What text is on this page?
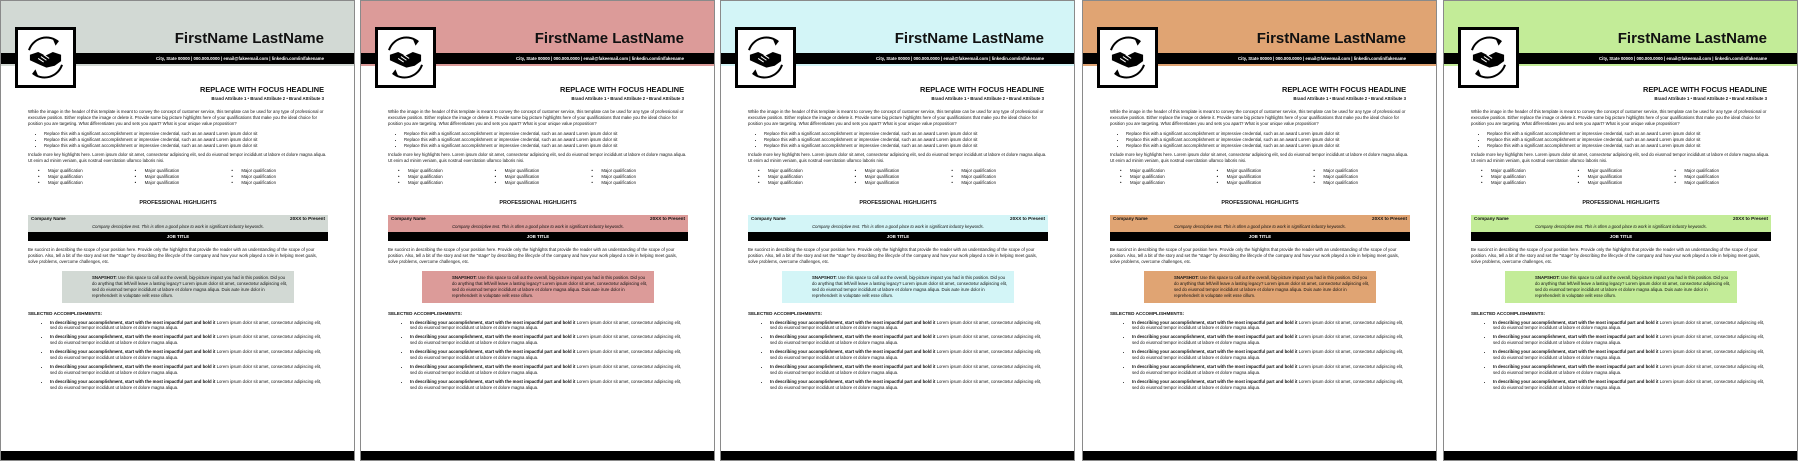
FirstName LastName
City, State 00000 | 000.000.0000 | email@fakeemail.com | linkedin.com/in/fakename
REPLACE WITH FOCUS HEADLINE
Brand Attribute 1 • Brand Attribute 2 • Brand Attribute 3

While the image in the header of this template is meant to convey the concept of customer service, this template can be used for any type of professional or executive position. Either replace the image or delete it. Provide some big picture highlights here of your qualifications that make you the ideal choice for position you are targeting. What differentiates you and sets you apart? What is your unique value proposition?

• Replace this with a significant accomplishment or impressive credential, such as an award Lorem ipsum dolor sit
• Replace this with a significant accomplishment or impressive credential, such as an award Lorem ipsum dolor sit
• Replace this with a significant accomplishment or impressive credential, such as an award Lorem ipsum dolor sit

Include more key highlights here. Lorem ipsum dolor sit amet, consectetur adipiscing elit, sed do eiusmod tempor incididunt ut labore et dolore magna aliqua. Ut enim ad minim veniam, quis nostrud exercitation ullamco laboris nisi.

• Major qualification	• Major qualification	• Major qualification
• Major qualification	• Major qualification	• Major qualification
• Major qualification	• Major qualification	• Major qualification
PROFESSIONAL HIGHLIGHTS
Company Name	20XX to Present
Company descriptive text. This is often a good place to work in significant industry keywords.
JOB TITLE

Be succinct in describing the scope of your position here. Provide only the highlights that provide the reader with an understanding of the scope of your position. Also, tell a bit of the story and set the "stage" by describing the lifecycle of the company and how your work played a role in helping meet goals, solve problems, overcome challenges, etc.

SNAPSHOT: Use this space to call out the overall, big-picture impact you had in this position. Did you do anything that left/will leave a lasting legacy? Lorem ipsum dolor sit amet, consectetur adipiscing elit, sed do eiusmod tempor incididunt ut labore et dolore magna aliqua. Duis aute irure dolor in reprehenderit in voluptate velit esse cillum.
SELECTED ACCOMPLISHMENTS:
• In describing your accomplishment, start with the most impactful part and bold it Lorem ipsum dolor sit amet, consectetur adipiscing elit, sed do eiusmod tempor incididunt ut labore et dolore magna aliqua.
• In describing your accomplishment, start with the most impactful part and bold it Lorem ipsum dolor sit amet, consectetur adipiscing elit, sed do eiusmod tempor incididunt ut labore et dolore magna aliqua.
• In describing your accomplishment, start with the most impactful part and bold it Lorem ipsum dolor sit amet, consectetur adipiscing elit, sed do eiusmod tempor incididunt ut labore et dolore magna aliqua.
• In describing your accomplishment, start with the most impactful part and bold it Lorem ipsum dolor sit amet, consectetur adipiscing elit, sed do eiusmod tempor incididunt ut labore et dolore magna aliqua.
• In describing your accomplishment, start with the most impactful part and bold it Lorem ipsum dolor sit amet, consectetur adipiscing elit, sed do eiusmod tempor incididunt ut labore et dolore magna aliqua.
FirstName LastName
City, State 00000 | 000.000.0000 | email@fakeemail.com | linkedin.com/in/fakename
REPLACE WITH FOCUS HEADLINE
Brand Attribute 1 • Brand Attribute 2 • Brand Attribute 3

While the image in the header of this template is meant to convey the concept of customer service, this template can be used for any type of professional or executive position. Either replace the image or delete it. Provide some big picture highlights here of your qualifications that make you the ideal choice for position you are targeting. What differentiates you and sets you apart? What is your unique value proposition?

• Replace this with a significant accomplishment or impressive credential, such as an award Lorem ipsum dolor sit
• Replace this with a significant accomplishment or impressive credential, such as an award Lorem ipsum dolor sit
• Replace this with a significant accomplishment or impressive credential, such as an award Lorem ipsum dolor sit

Include more key highlights here. Lorem ipsum dolor sit amet, consectetur adipiscing elit, sed do eiusmod tempor incididunt ut labore et dolore magna aliqua. Ut enim ad minim veniam, quis nostrud exercitation ullamco laboris nisi.

• Major qualification	• Major qualification	• Major qualification
• Major qualification	• Major qualification	• Major qualification
• Major qualification	• Major qualification	• Major qualification
PROFESSIONAL HIGHLIGHTS
Company Name	20XX to Present
Company descriptive text. This is often a good place to work in significant industry keywords.
JOB TITLE

Be succinct in describing the scope of your position here. Provide only the highlights that provide the reader with an understanding of the scope of your position. Also, tell a bit of the story and set the "stage" by describing the lifecycle of the company and how your work played a role in helping meet goals, solve problems, overcome challenges, etc.

SNAPSHOT: Use this space to call out the overall, big-picture impact you had in this position. Did you do anything that left/will leave a lasting legacy? Lorem ipsum dolor sit amet, consectetur adipiscing elit, sed do eiusmod tempor incididunt ut labore et dolore magna aliqua. Duis aute irure dolor in reprehenderit in voluptate velit esse cillum.
SELECTED ACCOMPLISHMENTS:
• In describing your accomplishment, start with the most impactful part and bold it Lorem ipsum dolor sit amet, consectetur adipiscing elit, sed do eiusmod tempor incididunt ut labore et dolore magna aliqua.
• In describing your accomplishment, start with the most impactful part and bold it Lorem ipsum dolor sit amet, consectetur adipiscing elit, sed do eiusmod tempor incididunt ut labore et dolore magna aliqua.
• In describing your accomplishment, start with the most impactful part and bold it Lorem ipsum dolor sit amet, consectetur adipiscing elit, sed do eiusmod tempor incididunt ut labore et dolore magna aliqua.
• In describing your accomplishment, start with the most impactful part and bold it Lorem ipsum dolor sit amet, consectetur adipiscing elit, sed do eiusmod tempor incididunt ut labore et dolore magna aliqua.
• In describing your accomplishment, start with the most impactful part and bold it Lorem ipsum dolor sit amet, consectetur adipiscing elit, sed do eiusmod tempor incididunt ut labore et dolore magna aliqua.
FirstName LastName
City, State 00000 | 000.000.0000 | email@fakeemail.com | linkedin.com/in/fakename
REPLACE WITH FOCUS HEADLINE
Brand Attribute 1 • Brand Attribute 2 • Brand Attribute 3

While the image in the header of this template is meant to convey the concept of customer service, this template can be used for any type of professional or executive position. Either replace the image or delete it. Provide some big picture highlights here of your qualifications that make you the ideal choice for position you are targeting. What differentiates you and sets you apart? What is your unique value proposition?

• Replace this with a significant accomplishment or impressive credential, such as an award Lorem ipsum dolor sit
• Replace this with a significant accomplishment or impressive credential, such as an award Lorem ipsum dolor sit
• Replace this with a significant accomplishment or impressive credential, such as an award Lorem ipsum dolor sit

Include more key highlights here. Lorem ipsum dolor sit amet, consectetur adipiscing elit, sed do eiusmod tempor incididunt ut labore et dolore magna aliqua. Ut enim ad minim veniam, quis nostrud exercitation ullamco laboris nisi.

• Major qualification	• Major qualification	• Major qualification
• Major qualification	• Major qualification	• Major qualification
• Major qualification	• Major qualification	• Major qualification
PROFESSIONAL HIGHLIGHTS
Company Name	20XX to Present
Company descriptive text. This is often a good place to work in significant industry keywords.
JOB TITLE

Be succinct in describing the scope of your position here. Provide only the highlights that provide the reader with an understanding of the scope of your position. Also, tell a bit of the story and set the "stage" by describing the lifecycle of the company and how your work played a role in helping meet goals, solve problems, overcome challenges, etc.

SNAPSHOT: Use this space to call out the overall, big-picture impact you had in this position. Did you do anything that left/will leave a lasting legacy? Lorem ipsum dolor sit amet, consectetur adipiscing elit, sed do eiusmod tempor incididunt ut labore et dolore magna aliqua. Duis aute irure dolor in reprehenderit in voluptate velit esse cillum.
SELECTED ACCOMPLISHMENTS:
• In describing your accomplishment, start with the most impactful part and bold it Lorem ipsum dolor sit amet, consectetur adipiscing elit, sed do eiusmod tempor incididunt ut labore et dolore magna aliqua.
• In describing your accomplishment, start with the most impactful part and bold it Lorem ipsum dolor sit amet, consectetur adipiscing elit, sed do eiusmod tempor incididunt ut labore et dolore magna aliqua.
• In describing your accomplishment, start with the most impactful part and bold it Lorem ipsum dolor sit amet, consectetur adipiscing elit, sed do eiusmod tempor incididunt ut labore et dolore magna aliqua.
• In describing your accomplishment, start with the most impactful part and bold it Lorem ipsum dolor sit amet, consectetur adipiscing elit, sed do eiusmod tempor incididunt ut labore et dolore magna aliqua.
• In describing your accomplishment, start with the most impactful part and bold it Lorem ipsum dolor sit amet, consectetur adipiscing elit, sed do eiusmod tempor incididunt ut labore et dolore magna aliqua.
FirstName LastName
City, State 00000 | 000.000.0000 | email@fakeemail.com | linkedin.com/in/fakename
REPLACE WITH FOCUS HEADLINE
Brand Attribute 1 • Brand Attribute 2 • Brand Attribute 3

While the image in the header of this template is meant to convey the concept of customer service, this template can be used for any type of professional or executive position. Either replace the image or delete it. Provide some big picture highlights here of your qualifications that make you the ideal choice for position you are targeting. What differentiates you and sets you apart? What is your unique value proposition?

• Replace this with a significant accomplishment or impressive credential, such as an award Lorem ipsum dolor sit
• Replace this with a significant accomplishment or impressive credential, such as an award Lorem ipsum dolor sit
• Replace this with a significant accomplishment or impressive credential, such as an award Lorem ipsum dolor sit

Include more key highlights here. Lorem ipsum dolor sit amet, consectetur adipiscing elit, sed do eiusmod tempor incididunt ut labore et dolore magna aliqua. Ut enim ad minim veniam, quis nostrud exercitation ullamco laboris nisi.

• Major qualification	• Major qualification	• Major qualification
• Major qualification	• Major qualification	• Major qualification
• Major qualification	• Major qualification	• Major qualification
PROFESSIONAL HIGHLIGHTS
Company Name	20XX to Present
Company descriptive text. This is often a good place to work in significant industry keywords.
JOB TITLE

Be succinct in describing the scope of your position here. Provide only the highlights that provide the reader with an understanding of the scope of your position. Also, tell a bit of the story and set the "stage" by describing the lifecycle of the company and how your work played a role in helping meet goals, solve problems, overcome challenges, etc.

SNAPSHOT: Use this space to call out the overall, big-picture impact you had in this position. Did you do anything that left/will leave a lasting legacy? Lorem ipsum dolor sit amet, consectetur adipiscing elit, sed do eiusmod tempor incididunt ut labore et dolore magna aliqua. Duis aute irure dolor in reprehenderit in voluptate velit esse cillum.
SELECTED ACCOMPLISHMENTS:
• In describing your accomplishment, start with the most impactful part and bold it Lorem ipsum dolor sit amet, consectetur adipiscing elit, sed do eiusmod tempor incididunt ut labore et dolore magna aliqua.
• In describing your accomplishment, start with the most impactful part and bold it Lorem ipsum dolor sit amet, consectetur adipiscing elit, sed do eiusmod tempor incididunt ut labore et dolore magna aliqua.
• In describing your accomplishment, start with the most impactful part and bold it Lorem ipsum dolor sit amet, consectetur adipiscing elit, sed do eiusmod tempor incididunt ut labore et dolore magna aliqua.
• In describing your accomplishment, start with the most impactful part and bold it Lorem ipsum dolor sit amet, consectetur adipiscing elit, sed do eiusmod tempor incididunt ut labore et dolore magna aliqua.
• In describing your accomplishment, start with the most impactful part and bold it Lorem ipsum dolor sit amet, consectetur adipiscing elit, sed do eiusmod tempor incididunt ut labore et dolore magna aliqua.
FirstName LastName
City, State 00000 | 000.000.0000 | email@fakeemail.com | linkedin.com/in/fakename
REPLACE WITH FOCUS HEADLINE
Brand Attribute 1 • Brand Attribute 2 • Brand Attribute 3

While the image in the header of this template is meant to convey the concept of customer service, this template can be used for any type of professional or executive position. Either replace the image or delete it. Provide some big picture highlights here of your qualifications that make you the ideal choice for position you are targeting. What differentiates you and sets you apart? What is your unique value proposition?

• Replace this with a significant accomplishment or impressive credential, such as an award Lorem ipsum dolor sit
• Replace this with a significant accomplishment or impressive credential, such as an award Lorem ipsum dolor sit
• Replace this with a significant accomplishment or impressive credential, such as an award Lorem ipsum dolor sit

Include more key highlights here. Lorem ipsum dolor sit amet, consectetur adipiscing elit, sed do eiusmod tempor incididunt ut labore et dolore magna aliqua. Ut enim ad minim veniam, quis nostrud exercitation ullamco laboris nisi.

• Major qualification	• Major qualification	• Major qualification
• Major qualification	• Major qualification	• Major qualification
• Major qualification	• Major qualification	• Major qualification
PROFESSIONAL HIGHLIGHTS
Company Name	20XX to Present
Company descriptive text. This is often a good place to work in significant industry keywords.
JOB TITLE

Be succinct in describing the scope of your position here. Provide only the highlights that provide the reader with an understanding of the scope of your position. Also, tell a bit of the story and set the "stage" by describing the lifecycle of the company and how your work played a role in helping meet goals, solve problems, overcome challenges, etc.

SNAPSHOT: Use this space to call out the overall, big-picture impact you had in this position. Did you do anything that left/will leave a lasting legacy? Lorem ipsum dolor sit amet, consectetur adipiscing elit, sed do eiusmod tempor incididunt ut labore et dolore magna aliqua. Duis aute irure dolor in reprehenderit in voluptate velit esse cillum.
SELECTED ACCOMPLISHMENTS:
• In describing your accomplishment, start with the most impactful part and bold it Lorem ipsum dolor sit amet, consectetur adipiscing elit, sed do eiusmod tempor incididunt ut labore et dolore magna aliqua.
• In describing your accomplishment, start with the most impactful part and bold it Lorem ipsum dolor sit amet, consectetur adipiscing elit, sed do eiusmod tempor incididunt ut labore et dolore magna aliqua.
• In describing your accomplishment, start with the most impactful part and bold it Lorem ipsum dolor sit amet, consectetur adipiscing elit, sed do eiusmod tempor incididunt ut labore et dolore magna aliqua.
• In describing your accomplishment, start with the most impactful part and bold it Lorem ipsum dolor sit amet, consectetur adipiscing elit, sed do eiusmod tempor incididunt ut labore et dolore magna aliqua.
• In describing your accomplishment, start with the most impactful part and bold it Lorem ipsum dolor sit amet, consectetur adipiscing elit, sed do eiusmod tempor incididunt ut labore et dolore magna aliqua.
